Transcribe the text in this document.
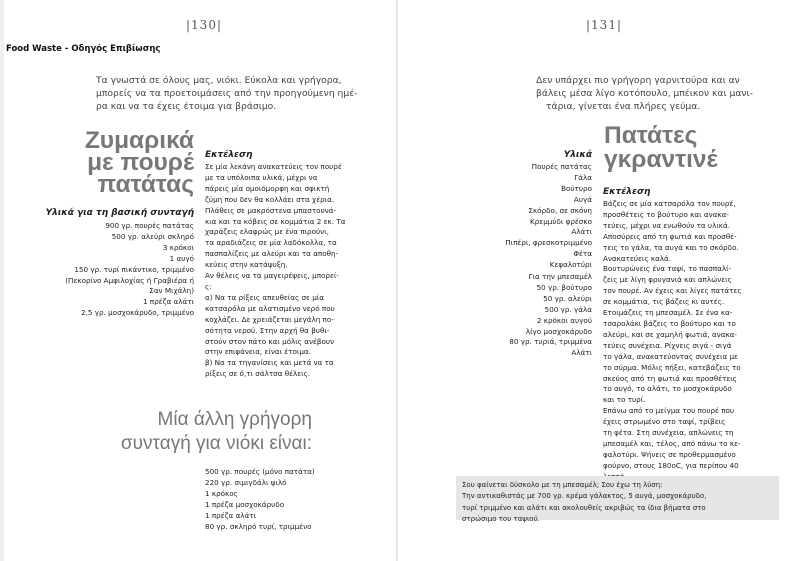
|130|
Food Waste - Οδηγός Επιβίωσης
Τα γνωστά σε όλους μας, νιόκι. Εύκολα και γρήγορα,
μπορείς να τα προετοιμάσεις από την προηγούμενη ημέ-
ρα και να τα έχεις έτοιμα για βράσιμο.
Ζυμαρικά
με πουρέ
πατάτας
Υλικά για τη βασική συνταγή
900 γρ. πουρές πατάτας
500 γρ. αλεύρι σκληρό
3 κρόκοι
1 αυγό
150 γρ. τυρί πικάντικο, τριμμένο
(Πεκορίνο Αμφιλοχίας ή Γραβιέρα ή
Σαν Μιχάλη)
1 πρέζα αλάτι
2,5 γρ. μοσχοκάρυδο, τριμμένο
Εκτέλεση
Σε μία λεκάνη ανακατεύεις τον πουρέ
με τα υπόλοιπα υλικά, μέχρι να
πάρεις μία ομοιόμορφη και σφικτή
ζύμη που δεν θα κολλάει στα χέρια.
Πλάθεις σε μακρόστενα μπαστουνά-
κια και τα κόβεις σε κομμάτια 2 εκ. Τα
χαράζεις ελαφρώς με ένα πιρούνι,
τα αραδιάζεις σε μία λαδόκολλα, τα
πασπαλίζεις με αλεύρι και τα αποθη-
κεύεις στην κατάψυξη.
Αν θέλεις να τα μαγειρέψεις, μπορεί-
ς:
α) Να τα ρίξεις απευθείας σε μία
κατσαρόλα με αλατισμένο νερό που
κοχλάζει. Δε χρειάζεται μεγάλη πο-
σότητα νερού. Στην αρχή θα βυθι-
στούν στον πάτο και μόλις ανέβουν
στην επιφάνεια, είναι έτοιμα.
β) Να τα τηγανίσεις και μετά να τα
ρίξεις σε ό,τι σάλτσα θέλεις.
Μία άλλη γρήγορη
συνταγή για νιόκι είναι:
500 γρ. πουρές (μόνο πατάτα)
220 γρ. σιμιγδάλι ψιλό
1 κρόκος
1 πρέζα μοσχοκάρυδο
1 πρέζα αλάτι
80 γρ. σκληρό τυρί, τριμμένο
|131|
Δεν υπάρχει πιο γρήγορη γαρνιτούρα και αν
βάλεις μέσα λίγο κοτόπουλο, μπέικον και μανι-
τάρια, γίνεται ένα πλήρες γεύμα.
Πατάτες
γκραντινέ
Υλικά
Πουρές πατάτας
Γάλα
Βούτυρο
Αυγά
Σκόρδο, σε σκόνη
Κρεμμύδι φρέσκο
Αλάτι
Πιπέρι, φρεσκοτριμμένο
Φέτα
Κεφαλοτύρι
Για την μπεσαμέλ
50 γρ. βούτυρο
50 γρ. αλεύρι
500 γρ. γάλα
2 κρόκοι αυγού
λίγο μοσχοκάρυδο
80 γρ. τυριά, τριμμένα
Αλάτι
Εκτέλεση
Βάζεις σε μία κατσαρόλα τον πουρέ,
προσθέτεις το βούτυρο και ανακα-
τεύεις, μέχρι να ενωθούν τα υλικά.
Αποσύρεις από τη φωτιά και προσθέ-
τεις το γάλα, τα αυγά και το σκόρδο.
Ανακατεύεις καλά.
Βουτυρώνεις ένα ταψί, το πασπαλί-
ζεις με λίγη φρυγανιά και απλώνεις
τον πουρέ. Αν έχεις και λίγες πατάτες
σε κομμάτια, τις βάζεις κι αυτές.
Ετοιμάζεις τη μπεσαμέλ. Σε ένα κα-
τσαρολάκι βάζεις το βούτυρο και το
αλεύρι, και σε χαμηλή φωτιά, ανακα-
τεύεις συνέχεια. Ρίχνεις σιγά - σιγά
το γάλα, ανακατεύοντας συνέχεια με
το σύρμα. Μόλις πήξει, κατεβάζεις το
σκεύος από τη φωτιά και προσθέτεις
το αυγό, το αλάτι, το μοσχοκάρυδο
και το τυρί.
Επάνω από το μείγμα του πουρέ που
έχεις στρωμένο στο ταψί, τρίβεις
τη φέτα. Στη συνέχεια, απλώνεις τη
μπεσαμέλ και, τέλος, από πάνω το κε-
φαλοτύρι. Ψήνεις σε προθερμασμένο
φούρνο, στους 180οC, για περίπου 40
Σου φαίνεται δύσκολο με τη μπεσαμέλ; Σου έχω τη λύση:
Την αντικαθιστάς με 700 γρ. κρέμα γάλακτος, 5 αυγά, μοσχοκάρυδο,
τυρί τριμμένο και αλάτι και ακολουθείς ακριβώς τα ίδια βήματα στο
στρώσιμο του ταψιού.
